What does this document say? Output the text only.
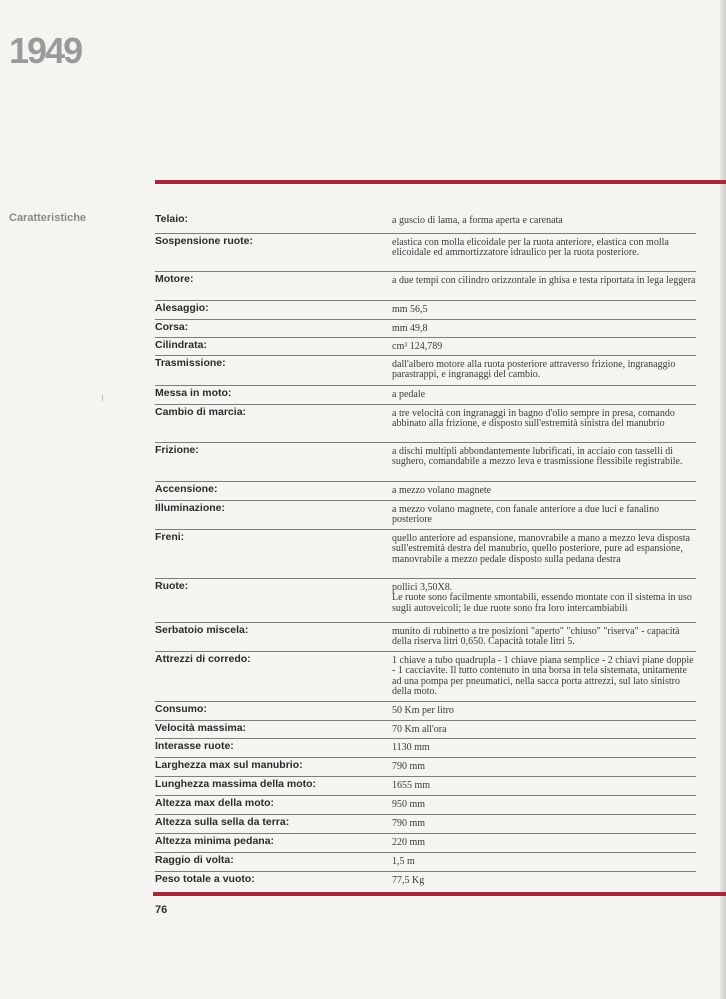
1949
Caratteristiche	Telaio:	a guscio di lama, a forma aperta e carenata
Sospensione ruote:	elastica con molla elicoidale per la ruota anteriore, elastica con molla elicoidale ed ammortizzatore idraulico per la ruota posteriore.
Motore:	a due tempi con cilindro orizzontale in ghisa e testa riportata in lega leggera
Alesaggio:	mm 56,5
Corsa:	mm 49,8
Cilindrata:	cm³ 124,789
Trasmissione:	dall'albero motore alla ruota posteriore attraverso frizione, ingranaggio parastrappi, e ingranaggi del cambio.
Messa in moto:	a pedale
Cambio di marcia:	a tre velocità con ingranaggi in bagno d'olio sempre in presa, comando abbinato alla frizione, e disposto sull'estremità sinistra del manubrio
Frizione:	a dischi multipli abbondantemente lubrificati, in acciaio con tasselli di sughero, comandabile a mezzo leva e trasmissione flessibile registrabile.
Accensione:	a mezzo volano magnete
Illuminazione:	a mezzo volano magnete, con fanale anteriore a due luci e fanalino posteriore
Freni:	quello anteriore ad espansione, manovrabile a mano a mezzo leva disposta sull'estremità destra del manubrio, quello posteriore, pure ad espansione, manovrabile a mezzo pedale disposto sulla pedana destra
Ruote:	pollici 3,50X8.
Le ruote sono facilmente smontabili, essendo montate con il sistema in uso sugli autoveicoli; le due ruote sono fra loro intercambiabili
Serbatoio miscela:	munito di rubinetto a tre posizioni "aperto" "chiuso" "riserva" - capacità della riserva litri 0,650. Capacità totale litri 5.
Attrezzi di corredo:	1 chiave a tubo quadrupla - 1 chiave piana semplice - 2 chiavi piane doppie - 1 cacciavite. Il tutto contenuto in una borsa in tela sistemata, unitamente ad una pompa per pneumatici, nella sacca porta attrezzi, sul lato sinistro della moto.
Consumo:	50 Km per litro
Velocità massima:	70 Km all'ora
Interasse ruote:	1130 mm
Larghezza max sul manubrio:	790 mm
Lunghezza massima della moto:	1655 mm
Altezza max della moto:	950 mm
Altezza sulla sella da terra:	790 mm
Altezza minima pedana:	220 mm
Raggio di volta:	1,5 m
Peso totale a vuoto:	77,5 Kg
76
